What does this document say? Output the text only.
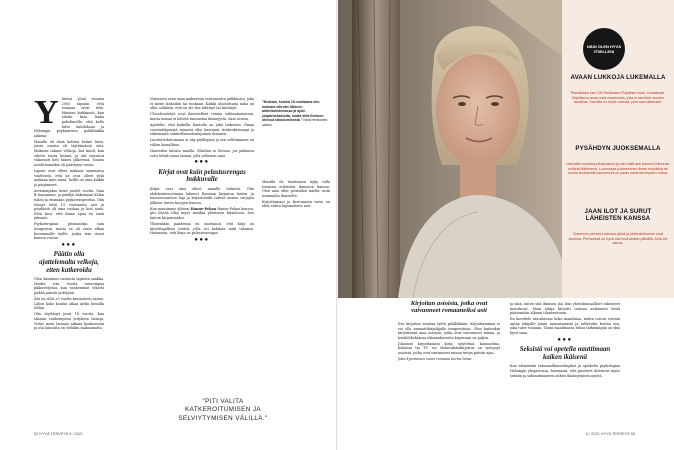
Y hteisä yönä vuonna 2003 tapasin, että voimani eivät riitä. Muistan kirkkaasti, kun odotin kaiu lanka puhelimella, että kello tulee kahdeksan ja Helsingin psykiatrisen poliklinikka aukeaa.

Minulla oli siinä kohtaa kolme lasta, joista nuorin oli täyttämässä viisi. Maksoin takaus velkoja, lisä kuuli, kun odotin toista lastani, ja äiti sairastui vakavasti heti hänen jälkeensä. Toinen aviolittoumikin oli päättynyt eroon.

Lapset ovat olleet mukana suunnassa vaatteista, että ne ovat olleet yhtä mukana kuin minä, heillä on aina kaikki ja pärjänneet.

Arvioimijakso kesti puolet vuotta. Sain B-lausunnon, ja päädyn hakemaan Kelan tukea ja etsimään psykoterapeuttia. Olin tehnyt töitä 15 vuotiaasta asti ja pöydässä oli aina ruokaa ja koti siisti. Siltä tiesi, että ilman apua en enää jaksaisi.

Psykoterapian pitämiseksi sain terapeutin, mutta se oli vasta alkua kovemmalle työlle, jonka tein itseni kanssa vuosia.

●●●
Päätin olla ajattelemalta velkoja, etten katkeroidu

Olen kantanut vastuuta lapsista saakka. Hoidin viisi vuotta nuorempaa pikkuveljeäni, kun vanhemmat tekivät pitkää päivää yrittäjinä.

Äiti on ollut 20 vuotta kroonisesti sairas. Lähes koko koulun alkaa ajelin bussilla töihin.

Olin täyttänyt juuri 18 vuotta, kun takasin vanhempieni yrityksen lainoja. Yritys meni lamaan aikana konkurssiin ja osa lainoista on vieläkin maksamatta.

Viimeisen erän saan maksettua seuraavasta palkkiosta, joka ei mene laskuihin tai ruokaan. Kaikki uloosottaita naha on ollut sellaista, että en ole itse tähtinyt tai kärtänyt.

Ulosottoniehet ovat ilmeetelleet rentoa suhtautumistani, mutta minua ei hävetä tunnustaa ihmisyyttä. Sain avusta.

Ajattelin, että kaikella kuntulla on joku tarkoitus. Ilman vastoinkäymisiä minusta olisi kasvanut itsekeskeisempi ja vähemmän suhteellisuudentajuinen ihminen.

Luottotiedottomana ei näy päällepäin ja sen selittäminen on vähän kiusallista.

Haaveilen talosta maalla. Olisihan se hienoa, jos paikassa voisi tehdä omaa tainan, jolla sellaisen saisi.

●●●
Kirjat ovat kuin pelastusrengas hukkuvalle

Kirjat ovat aina olleet minulle tärkeitä. Olin yhdeksänvuotiaana lukenut Rauman kirjaston lasten- ja nuortenosaston läpi ja kirjastotädit tulivat uusien sarjojen jälkeen lasten kirjojen kanssa.

Kun muutimme ylitsesi Hanne-Pekan Hanne-Pekan kanssa, giti löytää tilaa myös meidän yhteiseen kirjastoon. Sen laitoin kirjaseinäksi.

Yliinentään pandemia on osoittanut, että kirja on kirjoittajalleen ystävä, jolla voi kohdata mitä tahansa. Huomasin, että kirja on pelastusrengas.

●●●
"Muistan, kuinka 19-vuotiaana olin mukana vihreän liikkeen aktiivitoiminnassa ja ajoin ympäristöasioita, mutta siitä ihmisen ohessa sitoutumisesta." Nina Henkonen sanoo.

Minulla oli luontainen kyky tulla toimeen erilaisten ihmisten kanssa. Olen aina ollut pientäkin mieltä, mitä isommalta ihmiseltä.

Kirjoittamani ja kertomisen tarve on ollut vahva lapsuudesta asti.

"PITI VALITA KATKEROITUMISEN JA SELVIYTYMISEN VÄLILLÄ."
52 HYVÄ TERVEYS 6 / 2021
NÄIN OLEN HYVÄ ITSELLENI
AVAAN LUKKOJA LUKEMALLA
Parhaillaan luen Olli Heikkosen Rojaltiset mast -romaaneja. Kirjallisuus avaa oivia maailmoita, joita ei tarvitsisi muuten tavoittaa. Sanoilla on myös voimaa, joka saa lukemaan.
PYSÄHDYN JUOKSEMALLA
Harrastin nuorena pikajuoksua ja olen siitä asti kokenut liikunnan eräänä lääkkeenä. Luonnossa juokseminen ilman musiikkia tai muuta kuulokeillä tuleneensä on paras mielenterveyden hoitoa.
JAAN ILOT JA SURUT LÄHEISTEN KANSSA
Soiemme perheeni kanssa päivä ja keskustelumme ovat avoimia. Perheessä on hyvä olla huonollakin päivällä. Aina voi sanoa.
Kirjoitan asioista, jotka ovat vaivanneet romaaneiksi asti

Itse kirjoitan montaa työtä päällekkäin. Kirjoittaminen ei voi olla ammattikirjailijalle terapeuttista. Olen kuitenkin kirjoittanut aina asioista, jotka ovat vaivanneet minua, ja henkilökohtaisia elämänkuvioita kirjassani on paljon.

Jokainen kirjoittamani kirja, näytelmä, kuunnelma, kolumni tai TV- tai elokuvakäsikirjoitus on syntynyt asioista, jotka ovat vaivanneet minua tietyn päivän ajan.

Joka kymmenes vuosi romaani kertoi lama-

ja siitä, miten sitä ihmisen jää, kun yhteiskunnalliset rakenteet muuttuvat. Moni lukija kirjoitti tarinan auttaneen heitä pääsemään alkuun tilanteessaan.

En kuvittele muuttavani koko maailmaa, mutta toivon voivani antaa lukijalle jotain tunnistamista ja rohkeutta kestää sen, joka tulee vastaan. Tässä maailmassa tekoa tärkeämpää on yksi hyvä sana.

●●●
Seksistä voi opetella nauttimaan kaiken ikäisenä

Kun valmistuin seksuaalikasvattajaksi ja opiskelin psykologiaa Helsingin yliopistossa, huomasin, että puutteet ulottuvat myös seksiin ja suhtautumiseen siihen ikääntymisen myötä.

6 / 2021 HYVÄ TERVEYS 53
